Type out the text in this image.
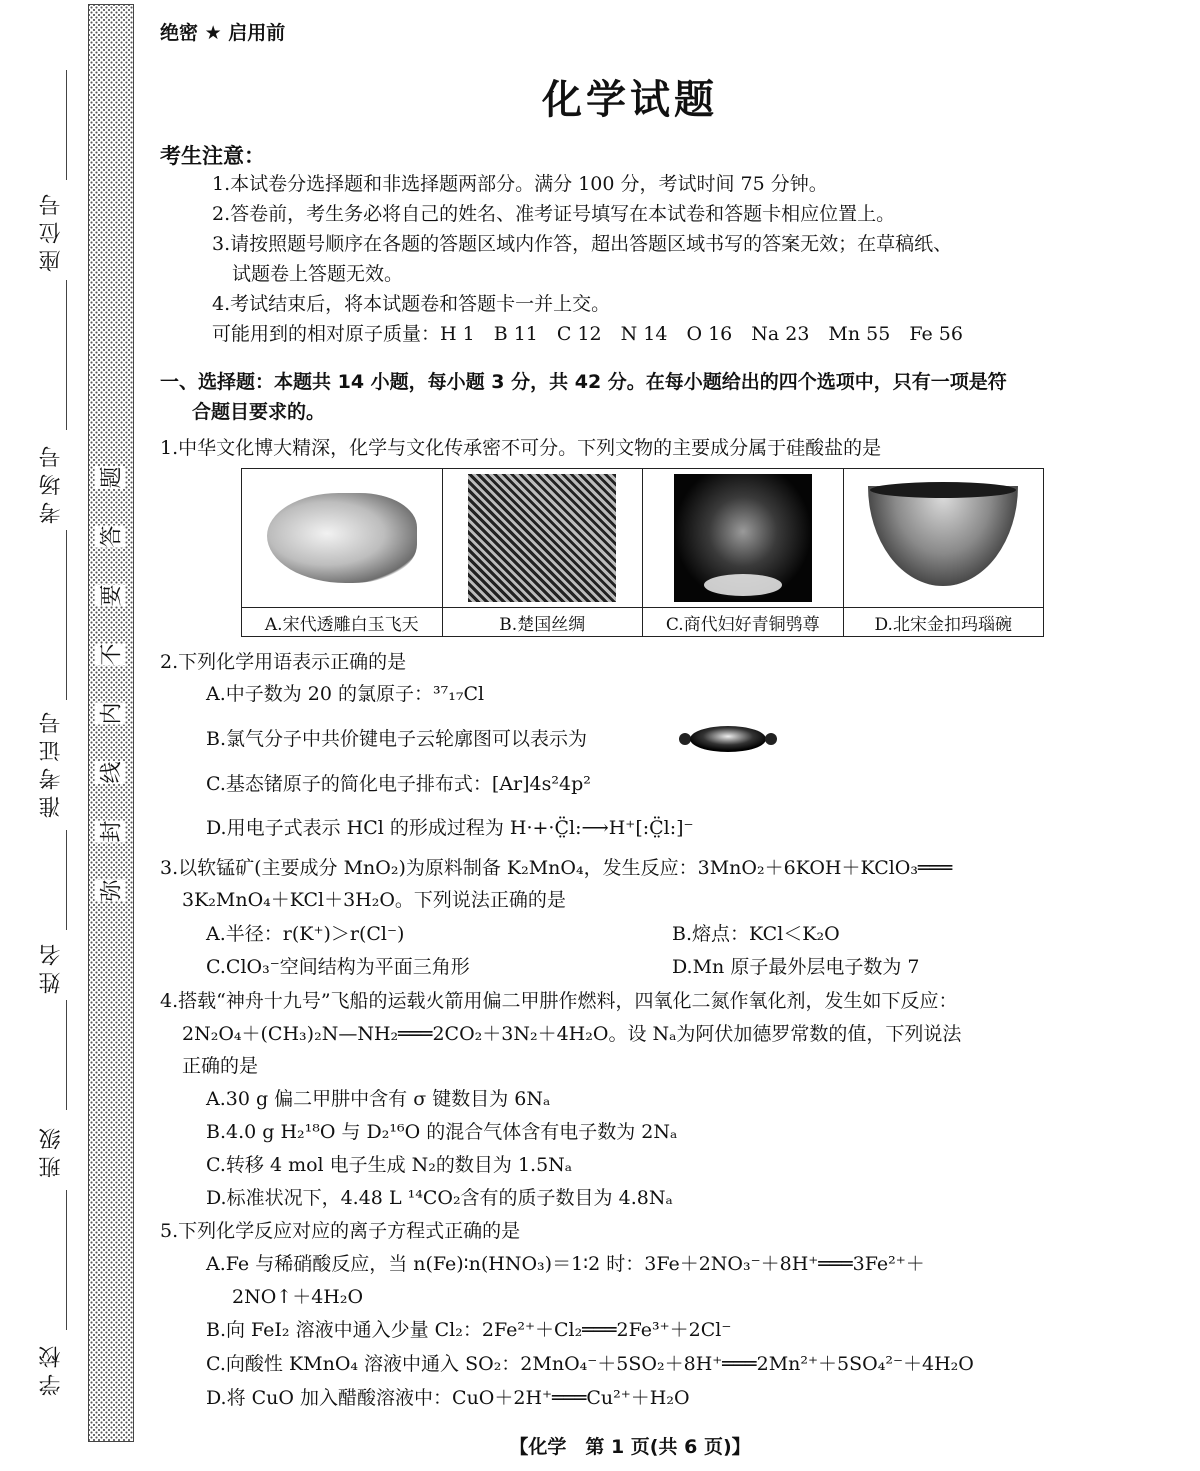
座位号
考场号
准考证号
姓名
班级
学校
题
答
要
不
内
线
封
弥
绝密 ★ 启用前
化学试题
考生注意：
1.本试卷分选择题和非选择题两部分。满分 100 分，考试时间 75 分钟。
2.答卷前，考生务必将自己的姓名、准考证号填写在本试卷和答题卡相应位置上。
3.请按照题号顺序在各题的答题区域内作答，超出答题区域书写的答案无效；在草稿纸、
试题卷上答题无效。
4.考试结束后，将本试题卷和答题卡一并上交。
可能用到的相对原子质量：H 1　B 11　C 12　N 14　O 16　Na 23　Mn 55　Fe 56
一、选择题：本题共 14 小题，每小题 3 分，共 42 分。在每小题给出的四个选项中，只有一项是符
合题目要求的。
1.中华文化博大精深，化学与文化传承密不可分。下列文物的主要成分属于硅酸盐的是

A.宋代透雕白玉飞天	B.楚国丝绸	C.商代妇好青铜鸮尊	D.北宋金扣玛瑙碗
2.下列化学用语表示正确的是
A.中子数为 20 的氯原子：³⁷₁₇Cl
B.氯气分子中共价键电子云轮廓图可以表示为
C.基态锗原子的简化电子排布式：[Ar]4s²4p²
D.用电子式表示 HCl 的形成过程为 H·+·C̤̈l:⟶H⁺[:C̤̈l:]⁻
3.以软锰矿(主要成分 MnO₂)为原料制备 K₂MnO₄，发生反应：3MnO₂＋6KOH＋KClO₃═══
3K₂MnO₄＋KCl＋3H₂O。下列说法正确的是
A.半径：r(K⁺)＞r(Cl⁻)	B.熔点：KCl＜K₂O
C.ClO₃⁻空间结构为平面三角形	D.Mn 原子最外层电子数为 7
4.搭载“神舟十九号”飞船的运载火箭用偏二甲肼作燃料，四氧化二氮作氧化剂，发生如下反应：
2N₂O₄＋(CH₃)₂N—NH₂═══2CO₂＋3N₂＋4H₂O。设 Nₐ为阿伏加德罗常数的值，下列说法
正确的是
A.30 g 偏二甲肼中含有 σ 键数目为 6Nₐ
B.4.0 g H₂¹⁸O 与 D₂¹⁶O 的混合气体含有电子数为 2Nₐ
C.转移 4 mol 电子生成 N₂的数目为 1.5Nₐ
D.标准状况下，4.48 L ¹⁴CO₂含有的质子数目为 4.8Nₐ
5.下列化学反应对应的离子方程式正确的是
A.Fe 与稀硝酸反应，当 n(Fe)∶n(HNO₃)＝1∶2 时：3Fe＋2NO₃⁻＋8H⁺═══3Fe²⁺＋
2NO↑＋4H₂O
B.向 FeI₂ 溶液中通入少量 Cl₂：2Fe²⁺＋Cl₂═══2Fe³⁺＋2Cl⁻
C.向酸性 KMnO₄ 溶液中通入 SO₂：2MnO₄⁻＋5SO₂＋8H⁺═══2Mn²⁺＋5SO₄²⁻＋4H₂O
D.将 CuO 加入醋酸溶液中：CuO＋2H⁺═══Cu²⁺＋H₂O
【化学　第 1 页(共 6 页)】
